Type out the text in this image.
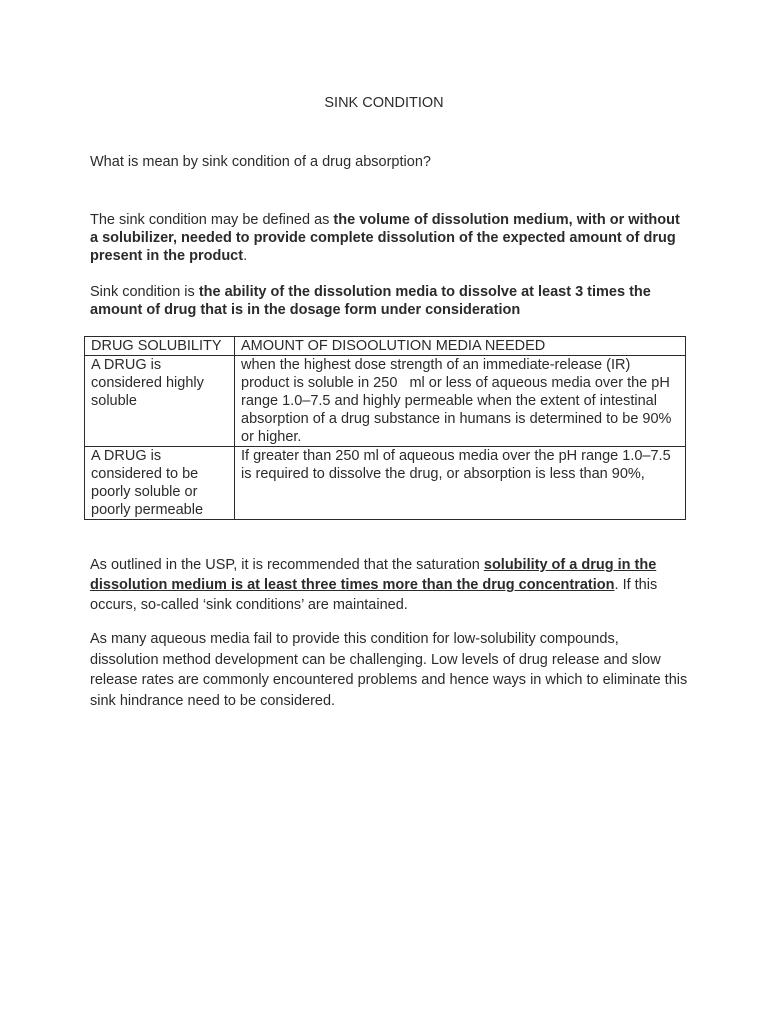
SINK CONDITION

What is mean by sink condition of a drug absorption?

The sink condition may be defined as the volume of dissolution medium, with or without a solubilizer, needed to provide complete dissolution of the expected amount of drug present in the product.

Sink condition is the ability of the dissolution media to dissolve at least 3 times the amount of drug that is in the dosage form under consideration

DRUG SOLUBILITY	AMOUNT OF DISOOLUTION MEDIA NEEDED
A DRUG is considered highly soluble	when the highest dose strength of an immediate-release (IR) product is soluble in 250   ml or less of aqueous media over the pH range 1.0–7.5 and highly permeable when the extent of intestinal absorption of a drug substance in humans is determined to be 90% or higher.
A DRUG is considered to be poorly soluble or poorly permeable	If greater than 250 ml of aqueous media over the pH range 1.0–7.5  is required to dissolve the drug, or absorption is less than 90%,

As outlined in the USP, it is recommended that the saturation solubility of a drug in the dissolution medium is at least three times more than the drug concentration. If this occurs, so-called ‘sink conditions’ are maintained.

As many aqueous media fail to provide this condition for low-solubility compounds, dissolution method development can be challenging. Low levels of drug release and slow release rates are commonly encountered problems and hence ways in which to eliminate this sink hindrance need to be considered.
